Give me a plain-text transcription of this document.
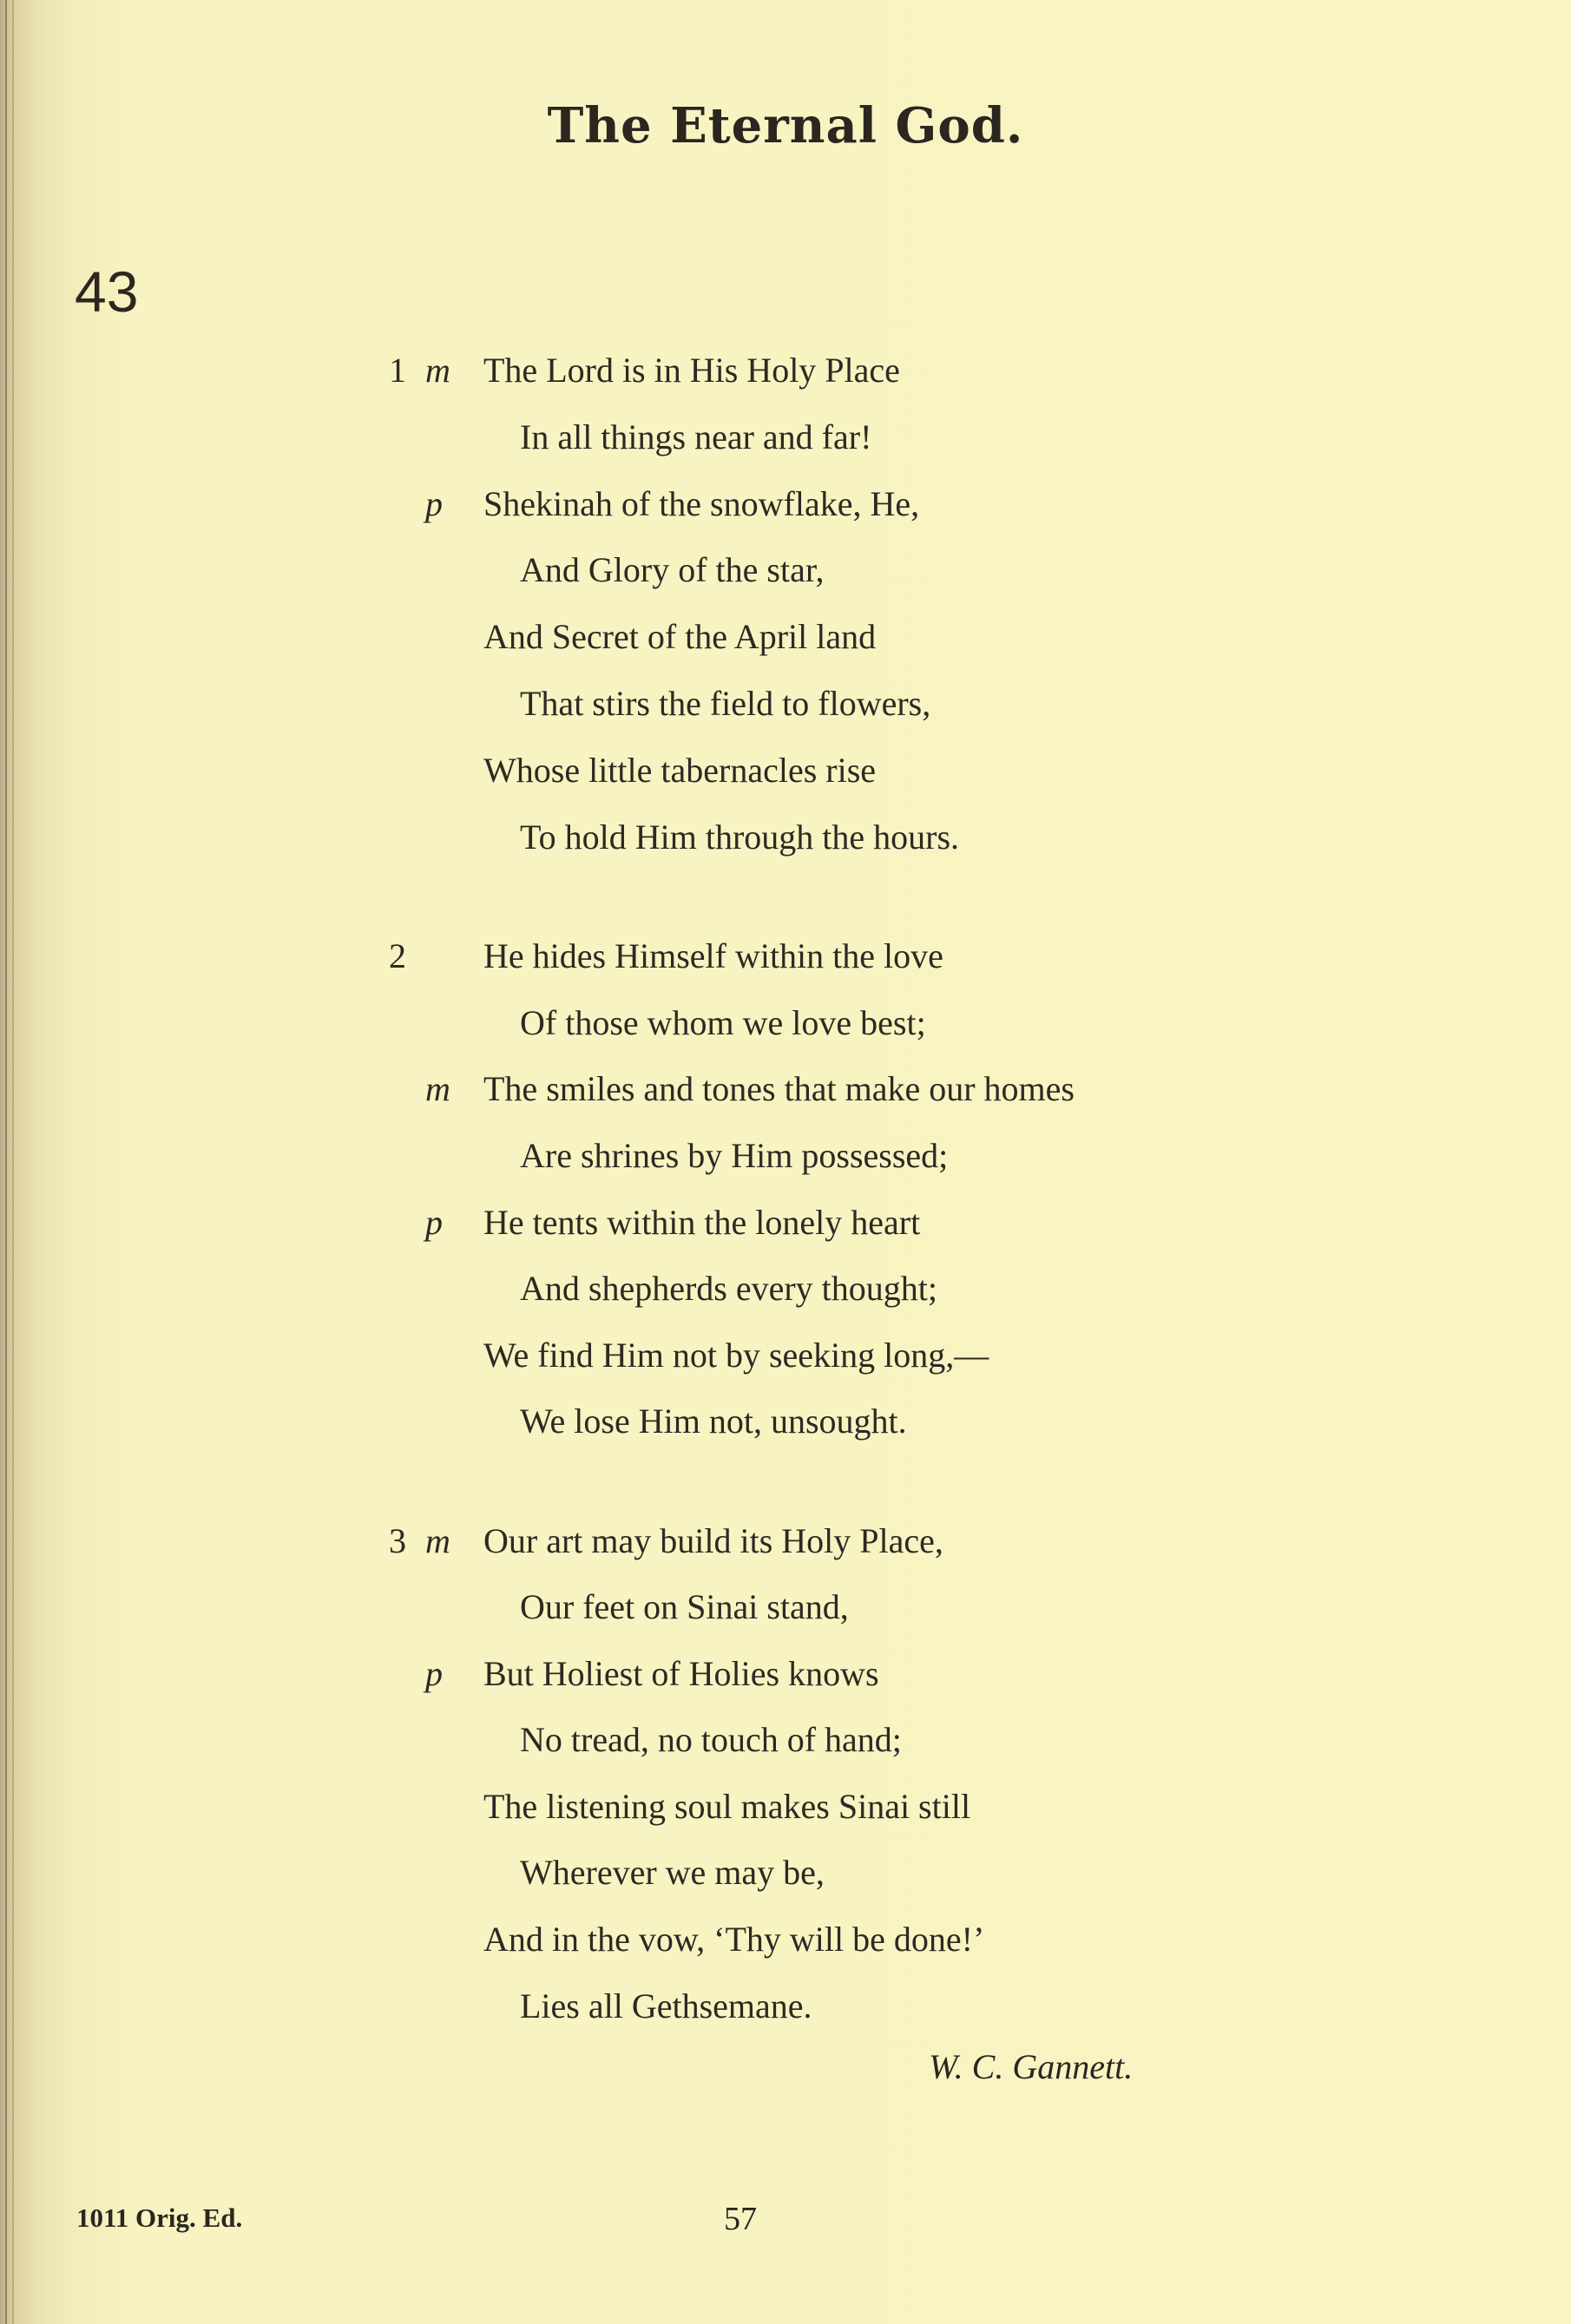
The Eternal God.
43
1 m The Lord is in His Holy Place
In all things near and far!
p Shekinah of the snowflake, He,
And Glory of the star,
And Secret of the April land
That stirs the field to flowers,
Whose little tabernacles rise
To hold Him through the hours.
2 He hides Himself within the love
Of those whom we love best;
m The smiles and tones that make our homes
Are shrines by Him possessed;
p He tents within the lonely heart
And shepherds every thought;
We find Him not by seeking long,—
We lose Him not, unsought.
3 m Our art may build its Holy Place,
Our feet on Sinai stand,
p But Holiest of Holies knows
No tread, no touch of hand;
The listening soul makes Sinai still
Wherever we may be,
And in the vow, ‘Thy will be done!’
Lies all Gethsemane.
W. C. Gannett.
1011 Orig. Ed.	57
